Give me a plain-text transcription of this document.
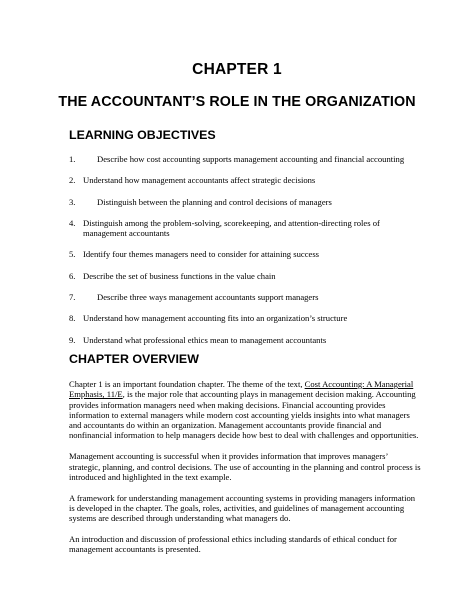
CHAPTER 1
THE ACCOUNTANT’S ROLE IN THE ORGANIZATION
LEARNING OBJECTIVES
1.	Describe how cost accounting supports management accounting and financial accounting
2. Understand how management accountants affect strategic decisions
3.	Distinguish between the planning and control decisions of managers
4. Distinguish among the problem-solving, scorekeeping, and attention-directing roles of management accountants
5. Identify four themes managers need to consider for attaining success
6. Describe the set of business functions in the value chain
7.	Describe three ways management accountants support managers
8. Understand how management accounting fits into an organization’s structure
9. Understand what professional ethics mean to management accountants
CHAPTER OVERVIEW

Chapter 1 is an important foundation chapter. The theme of the text, Cost Accounting: A Managerial Emphasis, 11/E, is the major role that accounting plays in management decision making. Accounting provides information managers need when making decisions. Financial accounting provides information to external managers while modern cost accounting yields insights into what managers and accountants do within an organization. Management accountants provide financial and nonfinancial information to help managers decide how best to deal with challenges and opportunities.

Management accounting is successful when it provides information that improves managers’ strategic, planning, and control decisions. The use of accounting in the planning and control process is introduced and highlighted in the text example.

A framework for understanding management accounting systems in providing managers information is developed in the chapter. The goals, roles, activities, and guidelines of management accounting systems are described through understanding what managers do.

An introduction and discussion of professional ethics including standards of ethical conduct for management accountants is presented.
